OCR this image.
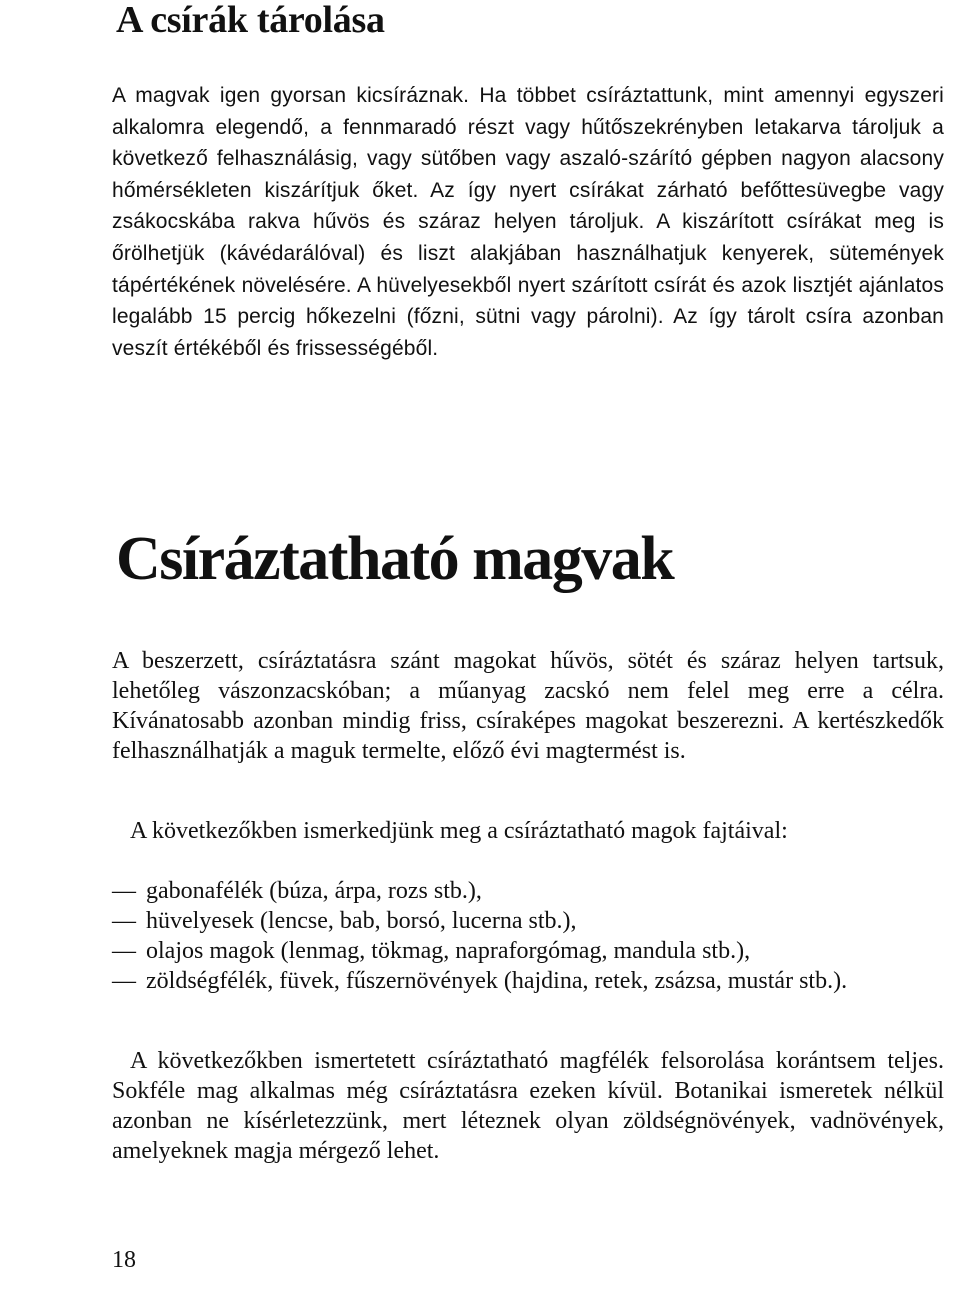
A csírák tárolása

A magvak igen gyorsan kicsíráznak. Ha többet csíráztattunk, mint amennyi egyszeri alkalomra elegendő, a fennmaradó részt vagy hűtőszekrényben letakarva tároljuk a következő felhasználásig, vagy sütőben vagy aszaló-szárító gépben nagyon alacsony hőmérsékleten kiszárítjuk őket. Az így nyert csírákat zárható befőttesüvegbe vagy zsákocskába rakva hűvös és száraz helyen tároljuk. A kiszárított csírákat meg is őrölhetjük (kávédarálóval) és liszt alakjában használhatjuk kenyerek, sütemények tápértékének növelésére. A hüvelyesekből nyert szárított csírát és azok lisztjét ajánlatos legalább 15 percig hőkezelni (főzni, sütni vagy párolni). Az így tárolt csíra azonban veszít értékéből és frissességéből.

Csíráztatható magvak

A beszerzett, csíráztatásra szánt magokat hűvös, sötét és száraz helyen tartsuk, lehetőleg vászonzacskóban; a műanyag zacskó nem felel meg erre a célra. Kívánatosabb azonban mindig friss, csíraképes magokat beszerezni. A kertészkedők felhasználhatják a maguk termelte, előző évi magtermést is.

A következőkben ismerkedjünk meg a csíráztatható magok fajtáival:

— gabonafélék (búza, árpa, rozs stb.),
— hüvelyesek (lencse, bab, borsó, lucerna stb.),
— olajos magok (lenmag, tökmag, napraforgómag, mandula stb.),
— zöldségfélék, füvek, fűszernövények (hajdina, retek, zsázsa, mustár stb.).

A következőkben ismertetett csíráztatható magfélék felsorolása korántsem teljes. Sokféle mag alkalmas még csíráztatásra ezeken kívül. Botanikai ismeretek nélkül azonban ne kísérletezzünk, mert léteznek olyan zöldségnövények, vadnövények, amelyeknek magja mérgező lehet.

18
